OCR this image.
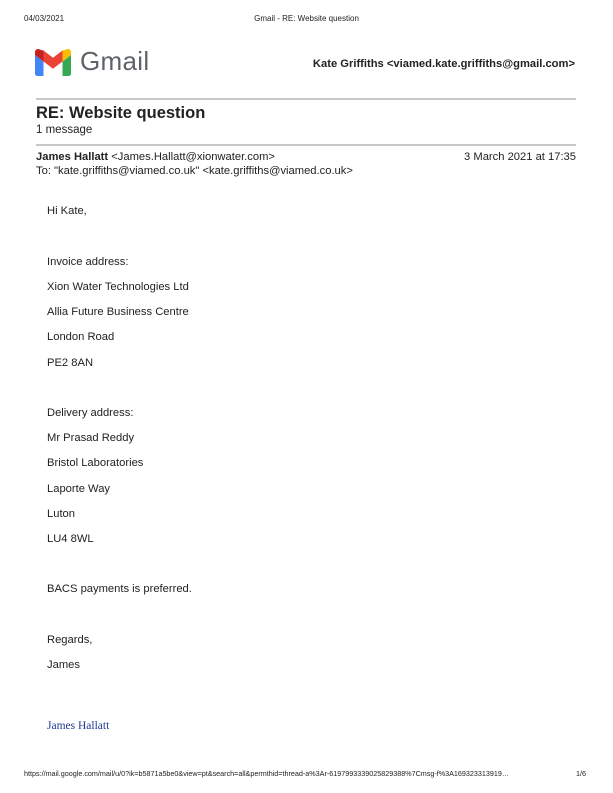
04/03/2021	Gmail - RE: Website question
Gmail	Kate Griffiths <viamed.kate.griffiths@gmail.com>
RE: Website question
1 message
James Hallatt <James.Hallatt@xionwater.com>	3 March 2021 at 17:35
To: "kate.griffiths@viamed.co.uk" <kate.griffiths@viamed.co.uk>
Hi Kate,
Invoice address:
Xion Water Technologies Ltd
Allia Future Business Centre
London Road
PE2 8AN
Delivery address:
Mr Prasad Reddy
Bristol Laboratories
Laporte Way
Luton
LU4 8WL
BACS payments is preferred.
Regards,
James
James Hallatt
https://mail.google.com/mail/u/0?ik=b5871a5be0&view=pt&search=all&permthid=thread-a%3Ar-6197993339025829388%7Cmsg-f%3A169323313919…	1/6
